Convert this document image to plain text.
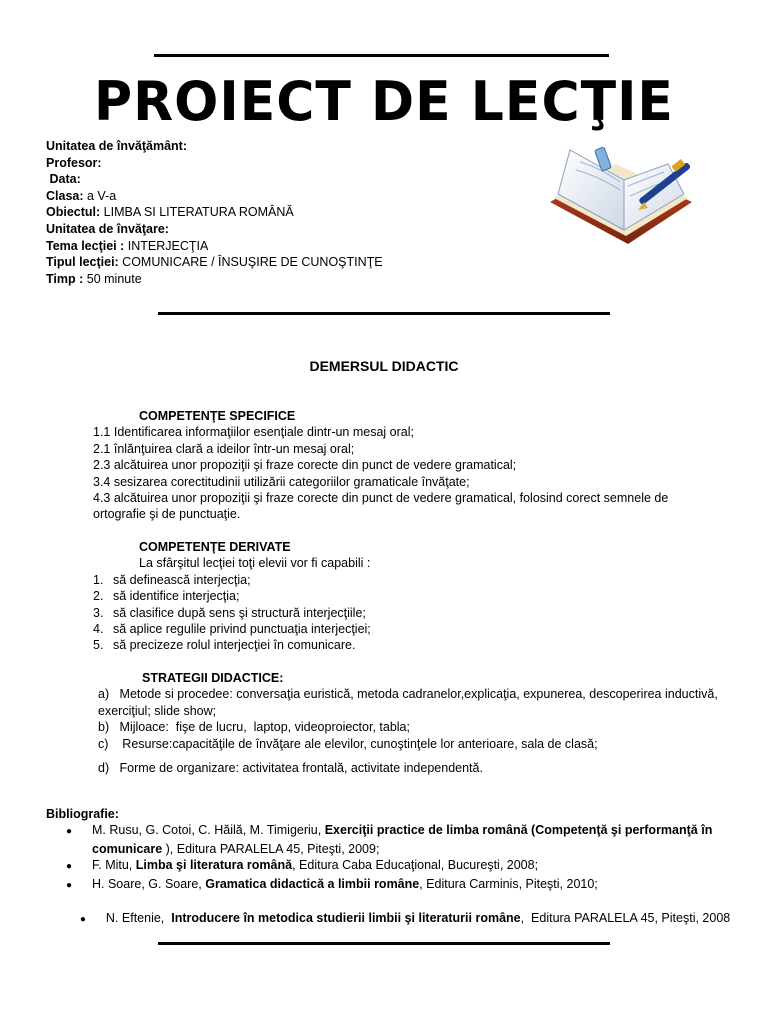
PROIECT DE LECŢIE
Unitatea de învăţământ:
Profesor:
Data:
Clasa: a V-a
Obiectul: LIMBA SI LITERATURA ROMÂNĂ
Unitatea de învăţare:
Tema lecţiei : INTERJECŢIA
Tipul lecţiei: COMUNICARE / ÎNSUŞIRE DE CUNOŞTINŢE
Timp : 50 minute
DEMERSUL DIDACTIC
COMPETENŢE SPECIFICE
1.1 Identificarea informaţiilor esenţiale dintr-un mesaj oral;
2.1 înlănţuirea clară a ideilor într-un mesaj oral;
2.3 alcătuirea unor propoziţii şi fraze corecte din punct de vedere gramatical;
3.4 sesizarea corectitudinii utilizării categoriilor gramaticale învăţate;
4.3 alcătuirea unor propoziţii şi fraze corecte din punct de vedere gramatical, folosind corect semnele de
ortografie şi de punctuaţie.
COMPETENŢE DERIVATE
La sfârşitul lecţiei toţi elevii vor fi capabili :
1. să definească interjecţia;
2. să identifice interjecţia;
3. să clasifice după sens şi structură interjecţiile;
4. să aplice regulile privind punctuaţia interjecţiei;
5. să precizeze rolul interjecţiei în comunicare.
STRATEGII DIDACTICE:
a)   Metode si procedee: conversaţia euristică, metoda cadranelor,explicaţia, expunerea, descoperirea inductivă,
exerciţiul; slide show;
b)   Mijloace:  fişe de lucru,  laptop, videoproiector, tabla;
c)    Resurse:capacităţile de învăţare ale elevilor, cunoştinţele lor anterioare, sala de clasă;
d)   Forme de organizare: activitatea frontală, activitate independentă.
Bibliografie:
● M. Rusu, G. Cotoi, C. Hăilă, M. Timigeriu, Exerciţii practice de limba română (Competenţă şi performanţă în
comunicare ), Editura PARALELA 45, Piteşti, 2009;
● F. Mitu, Limba şi literatura română, Editura Caba Educaţional, Bucureşti, 2008;
● H. Soare, G. Soare, Gramatica didactică a limbii române, Editura Carminis, Piteşti, 2010;

● N. Eftenie,  Introducere în metodica studierii limbii şi literaturii române,  Editura PARALELA 45, Piteşti, 2008
